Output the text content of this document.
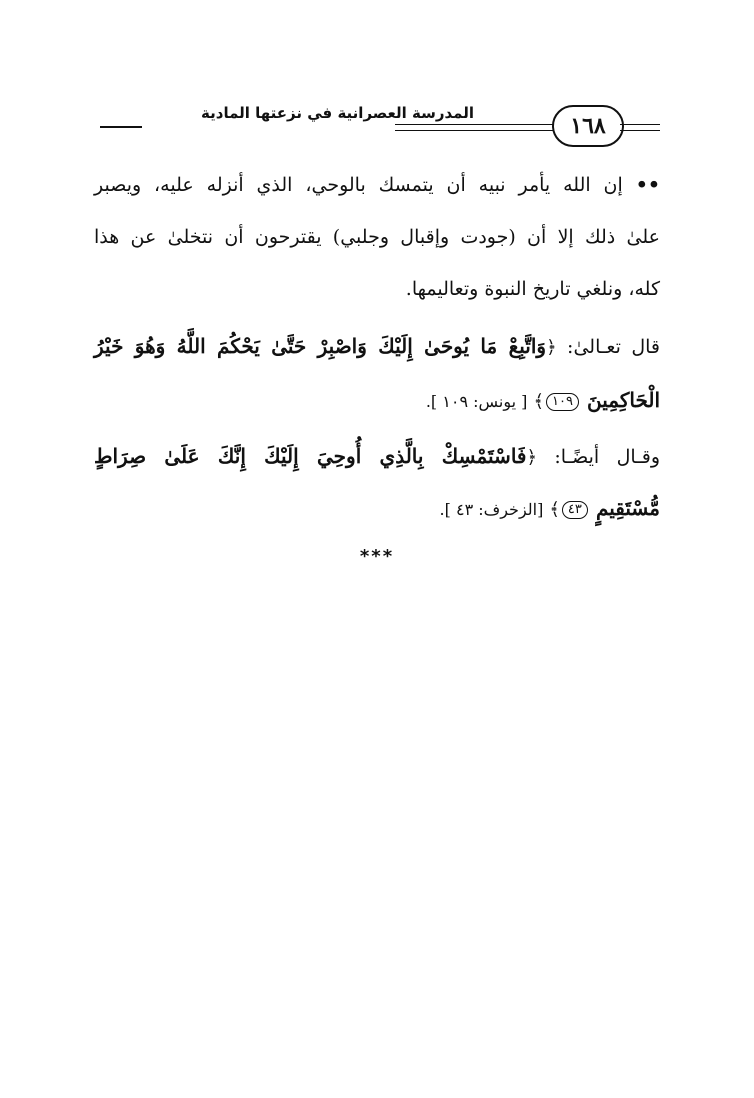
المدرسة العصرانية في نزعتها المادية	١٦٨
•• إن الله يأمر نبيه أن يتمسك بالوحي، الذي أنزله عليه، ويصبر
علىٰ ذلك إلا أن (جودت وإقبال وجلبي) يقترحون أن نتخلىٰ عن هذا
كله، ونلغي تاريخ النبوة وتعاليمها.
قال تعـالىٰ: ﴿وَاتَّبِعْ مَا يُوحَىٰ إِلَيْكَ وَاصْبِرْ حَتَّىٰ يَحْكُمَ اللَّهُ وَهُوَ خَيْرُ
الْحَاكِمِينَ ١٠٩﴾ [ يونس: ١٠٩ ].
وقـال أيضًـا: ﴿فَاسْتَمْسِكْ بِالَّذِي أُوحِيَ إِلَيْكَ إِنَّكَ عَلَىٰ صِرَاطٍ
مُّسْتَقِيمٍ ٤٣﴾ [الزخرف: ٤٣ ].
***
